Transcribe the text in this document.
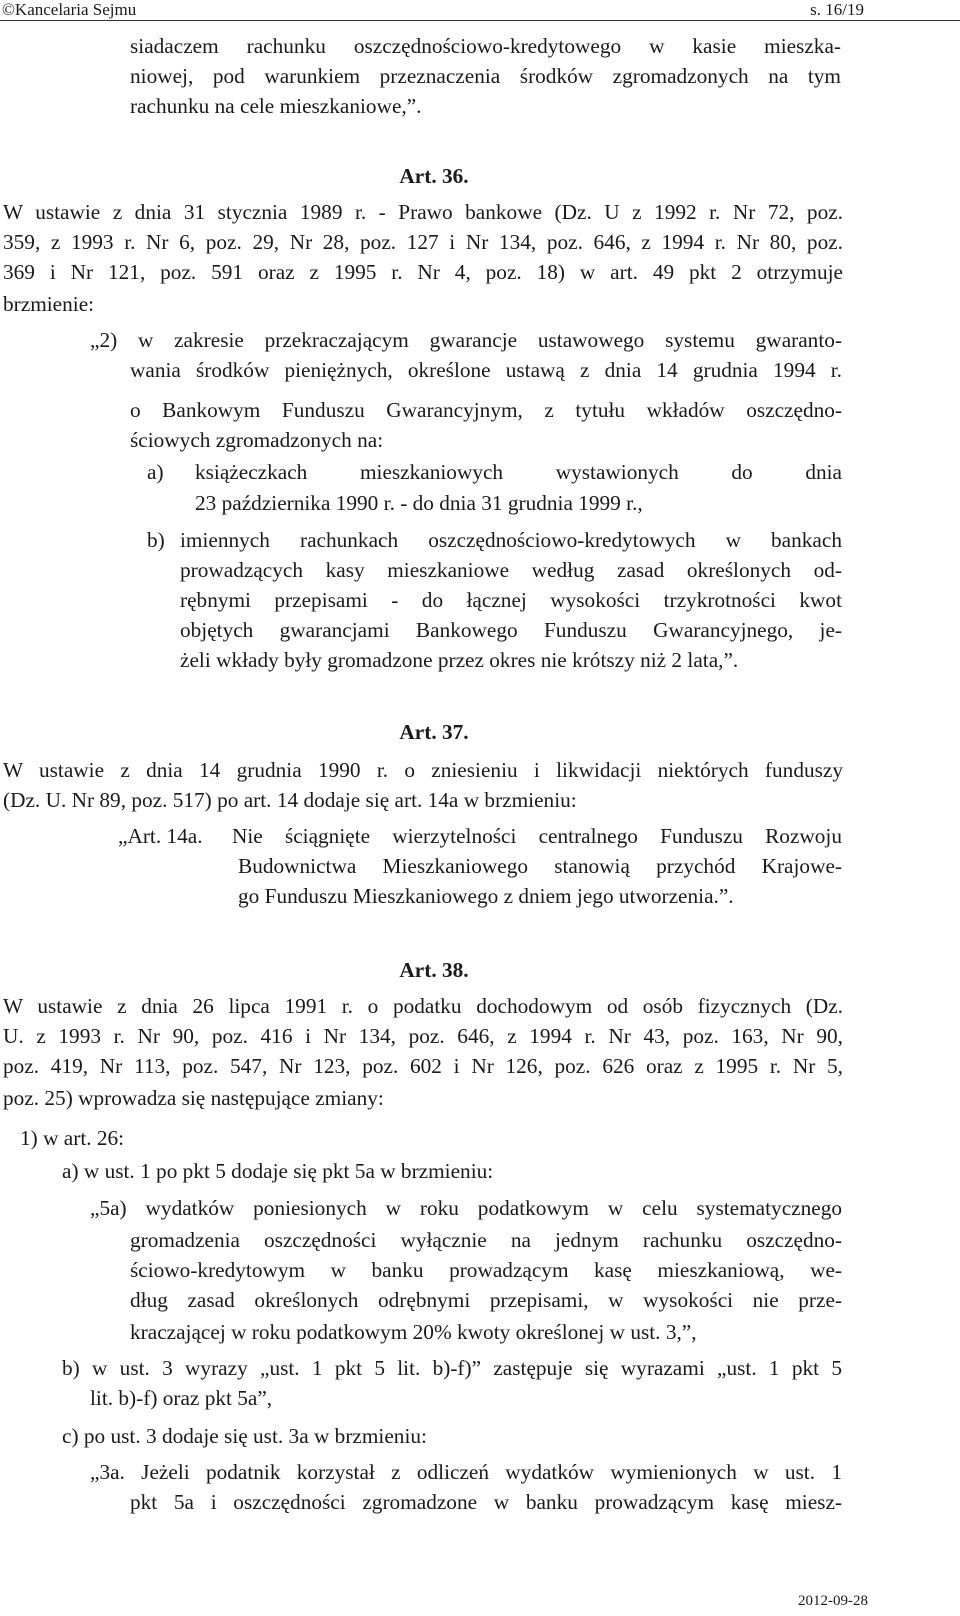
©Kancelaria Sejmu	s. 16/19
siadaczem rachunku oszczędnościowo-kredytowego w kasie mieszka-
niowej, pod warunkiem przeznaczenia środków zgromadzonych na tym
rachunku na cele mieszkaniowe,”.
Art. 36.
W ustawie z dnia 31 stycznia 1989 r. - Prawo bankowe (Dz. U z 1992 r. Nr 72, poz.
359, z 1993 r. Nr 6, poz. 29, Nr 28, poz. 127 i Nr 134, poz. 646, z 1994 r. Nr 80, poz.
369 i Nr 121, poz. 591 oraz z 1995 r. Nr 4, poz. 18) w art. 49 pkt 2 otrzymuje
brzmienie:
„2) w zakresie przekraczającym gwarancje ustawowego systemu gwaranto-
wania środków pieniężnych, określone ustawą z dnia 14 grudnia 1994 r.
o Bankowym Funduszu Gwarancyjnym, z tytułu wkładów oszczędno-
ściowych zgromadzonych na:
a) książeczkach mieszkaniowych wystawionych do dnia
23 października 1990 r. - do dnia 31 grudnia 1999 r.,
b) imiennych rachunkach oszczędnościowo-kredytowych w bankach
prowadzących kasy mieszkaniowe według zasad określonych od-
rębnymi przepisami - do łącznej wysokości trzykrotności kwot
objętych gwarancjami Bankowego Funduszu Gwarancyjnego, je-
żeli wkłady były gromadzone przez okres nie krótszy niż 2 lata,”.
Art. 37.
W ustawie z dnia 14 grudnia 1990 r. o zniesieniu i likwidacji niektórych funduszy
(Dz. U. Nr 89, poz. 517) po art. 14 dodaje się art. 14a w brzmieniu:
„Art. 14a. Nie ściągnięte wierzytelności centralnego Funduszu Rozwoju
Budownictwa Mieszkaniowego stanowią przychód Krajowe-
go Funduszu Mieszkaniowego z dniem jego utworzenia.”.
Art. 38.
W ustawie z dnia 26 lipca 1991 r. o podatku dochodowym od osób fizycznych (Dz.
U. z 1993 r. Nr 90, poz. 416 i Nr 134, poz. 646, z 1994 r. Nr 43, poz. 163, Nr 90,
poz. 419, Nr 113, poz. 547, Nr 123, poz. 602 i Nr 126, poz. 626 oraz z 1995 r. Nr 5,
poz. 25) wprowadza się następujące zmiany:
1) w art. 26:
a) w ust. 1 po pkt 5 dodaje się pkt 5a w brzmieniu:
„5a) wydatków poniesionych w roku podatkowym w celu systematycznego
gromadzenia oszczędności wyłącznie na jednym rachunku oszczędno-
ściowo-kredytowym w banku prowadzącym kasę mieszkaniową, we-
dług zasad określonych odrębnymi przepisami, w wysokości nie prze-
kraczającej w roku podatkowym 20% kwoty określonej w ust. 3,”,
b) w ust. 3 wyrazy „ust. 1 pkt 5 lit. b)-f)” zastępuje się wyrazami „ust. 1 pkt 5
lit. b)-f) oraz pkt 5a”,
c) po ust. 3 dodaje się ust. 3a w brzmieniu:
„3a. Jeżeli podatnik korzystał z odliczeń wydatków wymienionych w ust. 1
pkt 5a i oszczędności zgromadzone w banku prowadzącym kasę miesz-
2012-09-28
